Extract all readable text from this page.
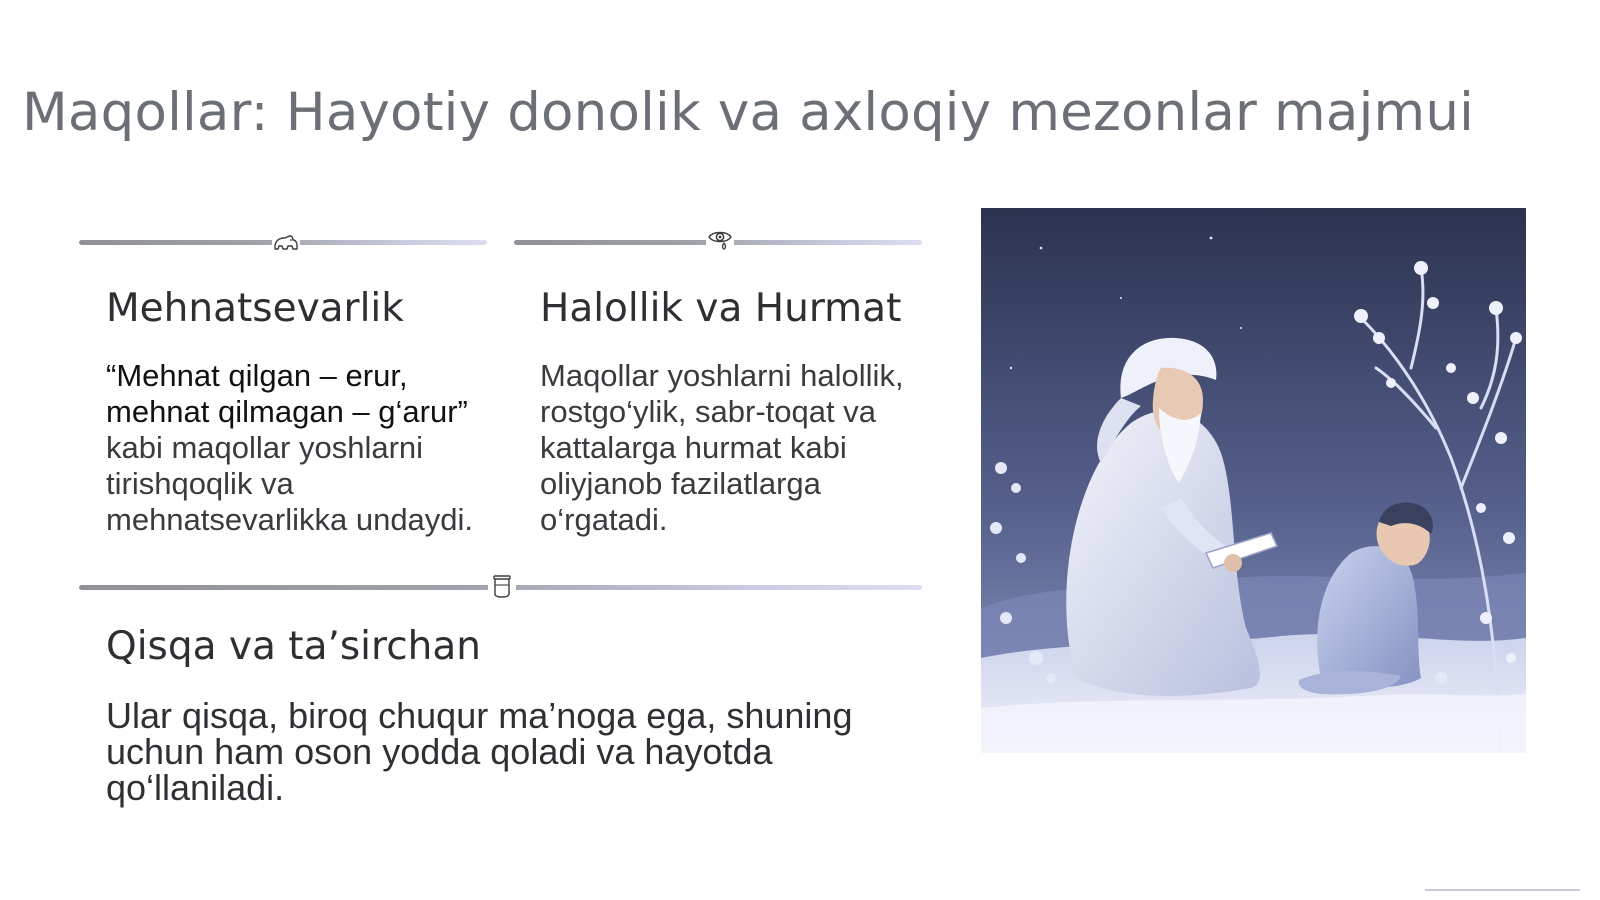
Maqollar: Hayotiy donolik va axloqiy mezonlar majmui
Mehnatsevarlik
“Mehnat qilgan – erur, mehnat qilmagan – g‘arur” kabi maqollar yoshlarni tirishqoqlik va mehnatsevarlikka undaydi.
Halollik va Hurmat
Maqollar yoshlarni halollik, rostgo‘ylik, sabr-toqat va kattalarga hurmat kabi oliyjanob fazilatlarga o‘rgatadi.
Qisqa va ta’sirchan
Ular qisqa, biroq chuqur ma’noga ega, shuning uchun ham oson yodda qoladi va hayotda qo‘llaniladi.
